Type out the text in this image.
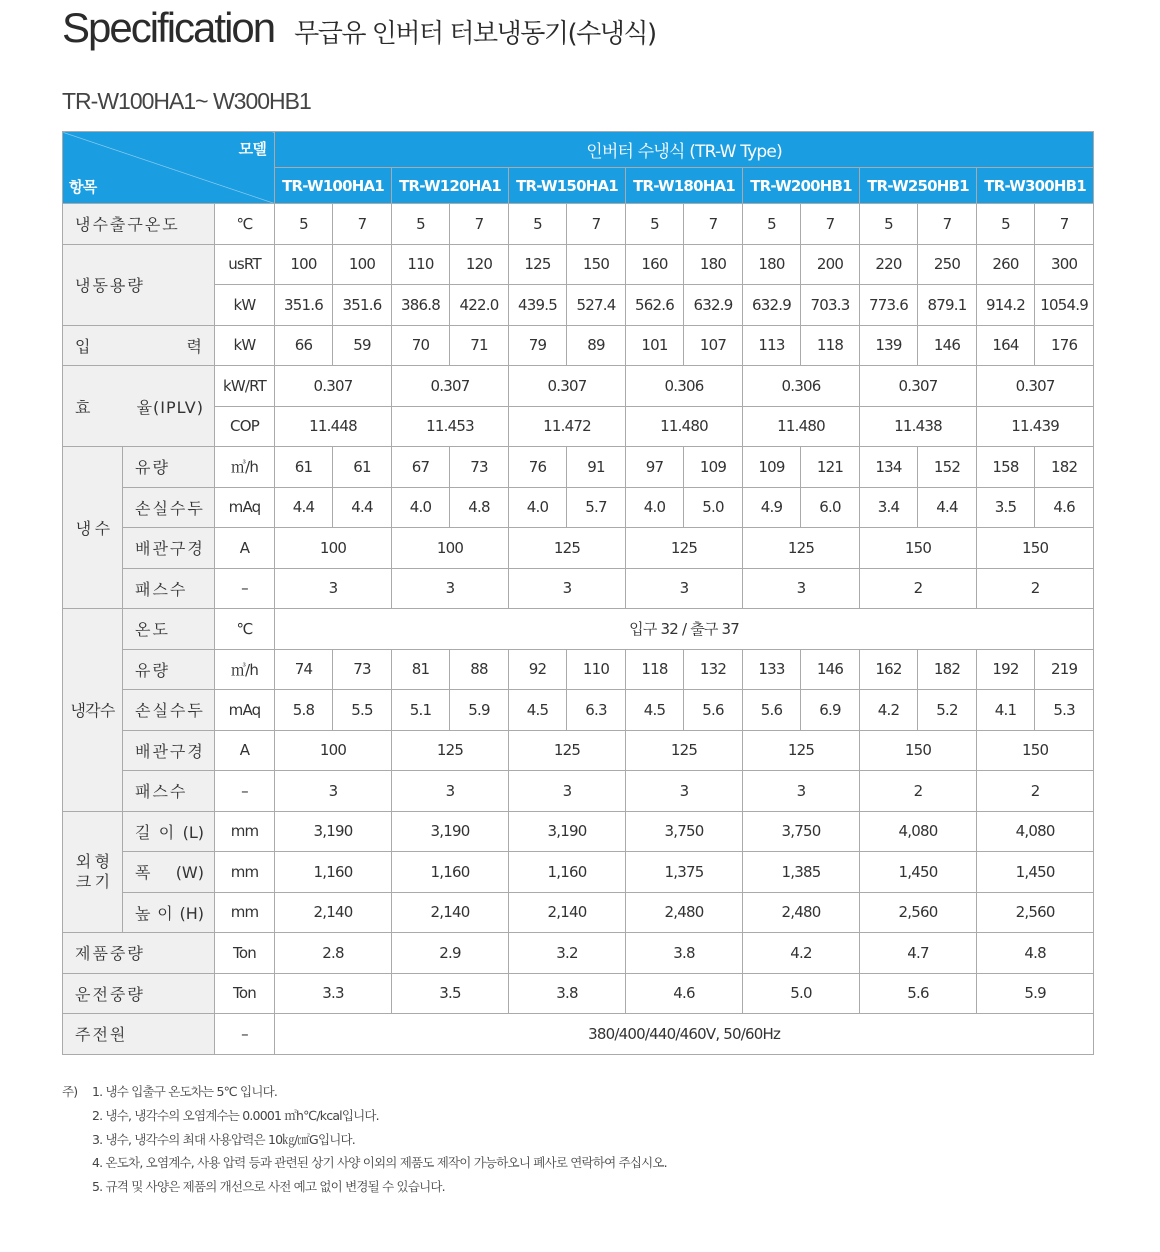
Specification 무급유 인버터 터보냉동기(수냉식)
TR-W100HA1~ W300HB1
모델
항목			인버터 수냉식 (TR-W Type)													
			TR-W100HA1		TR-W120HA1		TR-W150HA1		TR-W180HA1		TR-W200HB1		TR-W250HB1		TR-W300HB1	
냉수출구온도		℃	5	7	5	7	5	7	5	7	5	7	5	7	5	7
냉동용량		usRT	100	100	110	120	125	150	160	180	180	200	220	250	260	300
		kW	351.6	351.6	386.8	422.0	439.5	527.4	562.6	632.9	632.9	703.3	773.6	879.1	914.2	1054.9
입 력		kW	66	59	70	71	79	89	101	107	113	118	139	146	164	176
효 율(IPLV)		kW/RT	0.307		0.307		0.307		0.306		0.306		0.307		0.307	
		COP	11.448		11.453		11.472		11.480		11.480		11.438		11.439	
냉 수	유량	㎥/h	61	61	67	73	76	91	97	109	109	121	134	152	158	182
	손실수두	mAq	4.4	4.4	4.0	4.8	4.0	5.7	4.0	5.0	4.9	6.0	3.4	4.4	3.5	4.6
	배관구경	A	100		100		125		125		125		150		150	
	패스수	–	3		3		3		3		3		2		2	
냉각수	온도	℃	입구 32 / 출구 37													
	유량	㎥/h	74	73	81	88	92	110	118	132	133	146	162	182	192	219
	손실수두	mAq	5.8	5.5	5.1	5.9	4.5	6.3	4.5	5.6	5.6	6.9	4.2	5.2	4.1	5.3
	배관구경	A	100		125		125		125		125		150		150	
	패스수	–	3		3		3		3		3		2		2	
외 형
크 기	길 이 (L)	mm	3,190		3,190		3,190		3,750		3,750		4,080		4,080	
	폭 (W)	mm	1,160		1,160		1,160		1,375		1,385		1,450		1,450	
	높 이 (H)	mm	2,140		2,140		2,140		2,480		2,480		2,560		2,560	
제품중량		Ton	2.8		2.9		3.2		3.8		4.2		4.7		4.8	
운전중량		Ton	3.3		3.5		3.8		4.6		5.0		5.6		5.9	
주전원		–	380/400/440/460V, 50/60Hz													
주)	1. 냉수 입출구 온도차는 5℃ 입니다.
2. 냉수, 냉각수의 오염계수는 0.0001 ㎡h℃/kcal입니다.
3. 냉수, 냉각수의 최대 사용압력은 10㎏/㎠G입니다.
4. 온도차, 오염계수, 사용 압력 등과 관련된 상기 사양 이외의 제품도 제작이 가능하오니 폐사로 연락하여 주십시오.
5. 규격 및 사양은 제품의 개선으로 사전 예고 없이 변경될 수 있습니다.
